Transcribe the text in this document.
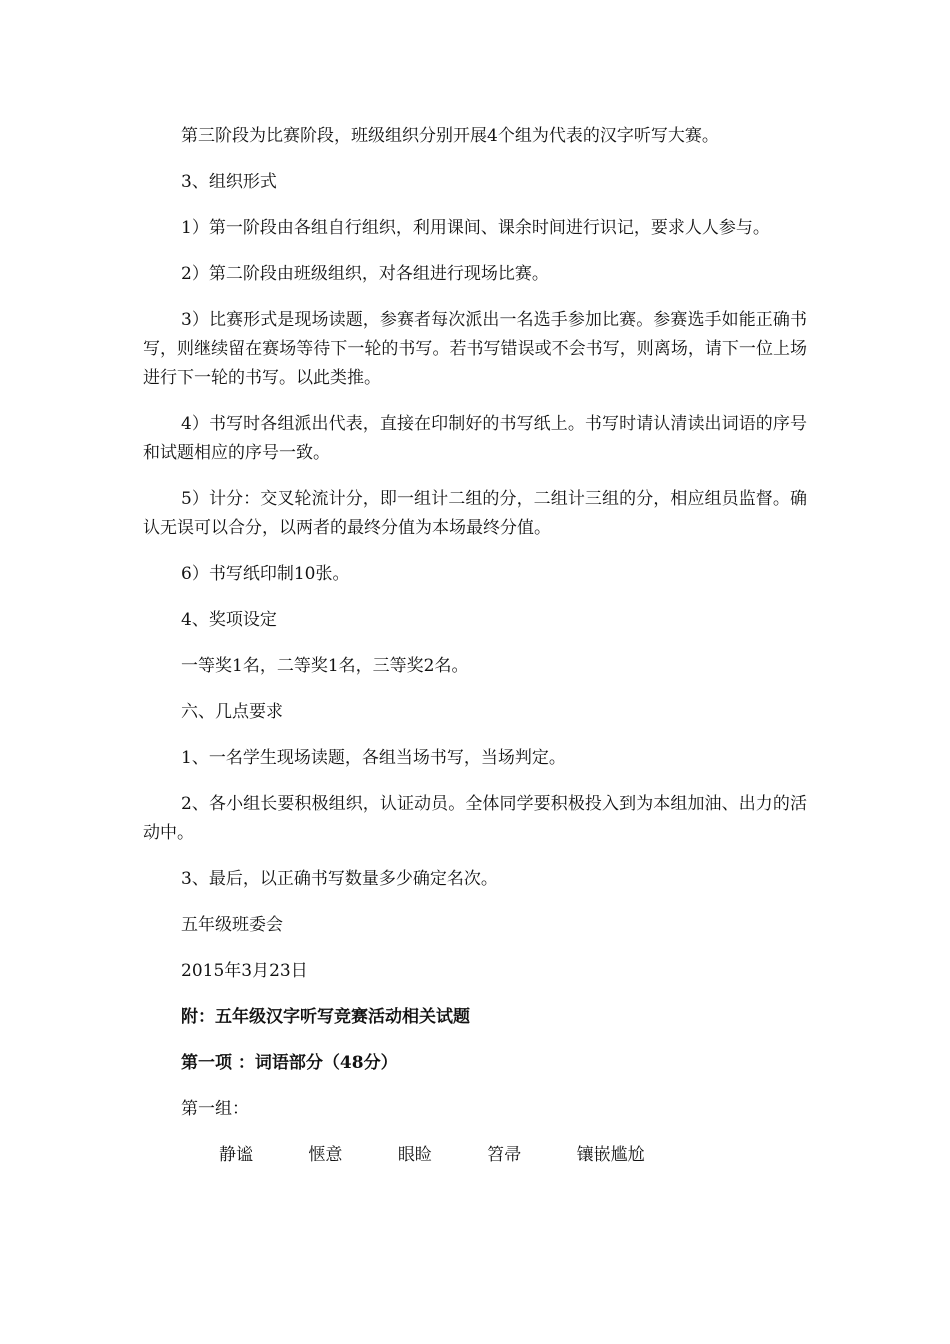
第三阶段为比赛阶段，班级组织分别开展4个组为代表的汉字听写大赛。

3、组织形式

1）第一阶段由各组自行组织，利用课间、课余时间进行识记，要求人人参与。

2）第二阶段由班级组织，对各组进行现场比赛。

3）比赛形式是现场读题，参赛者每次派出一名选手参加比赛。参赛选手如能正确书写，则继续留在赛场等待下一轮的书写。若书写错误或不会书写，则离场，请下一位上场进行下一轮的书写。以此类推。

4）书写时各组派出代表，直接在印制好的书写纸上。书写时请认清读出词语的序号和试题相应的序号一致。

5）计分：交叉轮流计分，即一组计二组的分，二组计三组的分，相应组员监督。确认无误可以合分，以两者的最终分值为本场最终分值。

6）书写纸印制10张。

4、奖项设定

一等奖1名，二等奖1名，三等奖2名。

六、几点要求

1、一名学生现场读题，各组当场书写，当场判定。

2、各小组长要积极组织，认证动员。全体同学要积极投入到为本组加油、出力的活动中。

3、最后，以正确书写数量多少确定名次。

五年级班委会

2015年3月23日

附：五年级汉字听写竞赛活动相关试题

第一项 ：词语部分（48分）

第一组：

静谧	惬意	眼睑	笤帚	镶嵌尴尬
